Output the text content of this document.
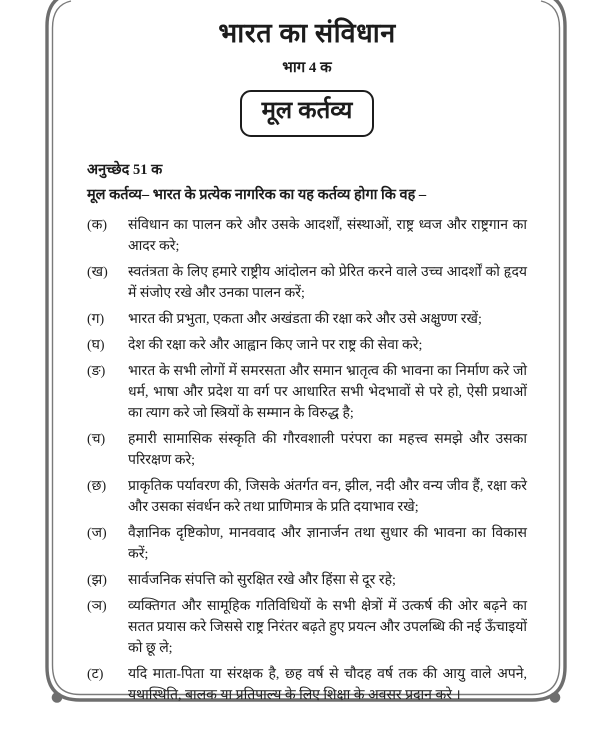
भारत का संविधान
भाग 4 क
मूल कर्तव्य
अनुच्छेद 51 क
मूल कर्तव्य– भारत के प्रत्येक नागरिक का यह कर्तव्य होगा कि वह –
(क)	संविधान का पालन करे और उसके आदर्शों, संस्थाओं, राष्ट्र ध्वज और राष्ट्रगान का आदर करे;
(ख)	स्वतंत्रता के लिए हमारे राष्ट्रीय आंदोलन को प्रेरित करने वाले उच्च आदर्शों को हृदय में संजोए रखे और उनका पालन करें;
(ग)	भारत की प्रभुता, एकता और अखंडता की रक्षा करे और उसे अक्षुण्ण रखें;
(घ)	देश की रक्षा करे और आह्वान किए जाने पर राष्ट्र की सेवा करे;
(ङ)	भारत के सभी लोगों में समरसता और समान भ्रातृत्व की भावना का निर्माण करे जो धर्म, भाषा और प्रदेश या वर्ग पर आधारित सभी भेदभावों से परे हो, ऐसी प्रथाओं का त्याग करे जो स्त्रियों के सम्मान के विरुद्ध है;
(च)	हमारी सामासिक संस्कृति की गौरवशाली परंपरा का महत्त्व समझे और उसका परिरक्षण करे;
(छ)	प्राकृतिक पर्यावरण की, जिसके अंतर्गत वन, झील, नदी और वन्य जीव हैं, रक्षा करे और उसका संवर्धन करे तथा प्राणिमात्र के प्रति दयाभाव रखे;
(ज)	वैज्ञानिक दृष्टिकोण, मानववाद और ज्ञानार्जन तथा सुधार की भावना का विकास करें;
(झ)	सार्वजनिक संपत्ति को सुरक्षित रखे और हिंसा से दूर रहे;
(ञ)	व्यक्तिगत और सामूहिक गतिविधियों के सभी क्षेत्रों में उत्कर्ष की ओर बढ़ने का सतत प्रयास करे जिससे राष्ट्र निरंतर बढ़ते हुए प्रयत्न और उपलब्धि की नई ऊँचाइयों को छू ले;
(ट)	यदि माता-पिता या संरक्षक है, छह वर्ष से चौदह वर्ष तक की आयु वाले अपने, यथास्थिति, बालक या प्रतिपाल्य के लिए शिक्षा के अवसर प्रदान करे ।
